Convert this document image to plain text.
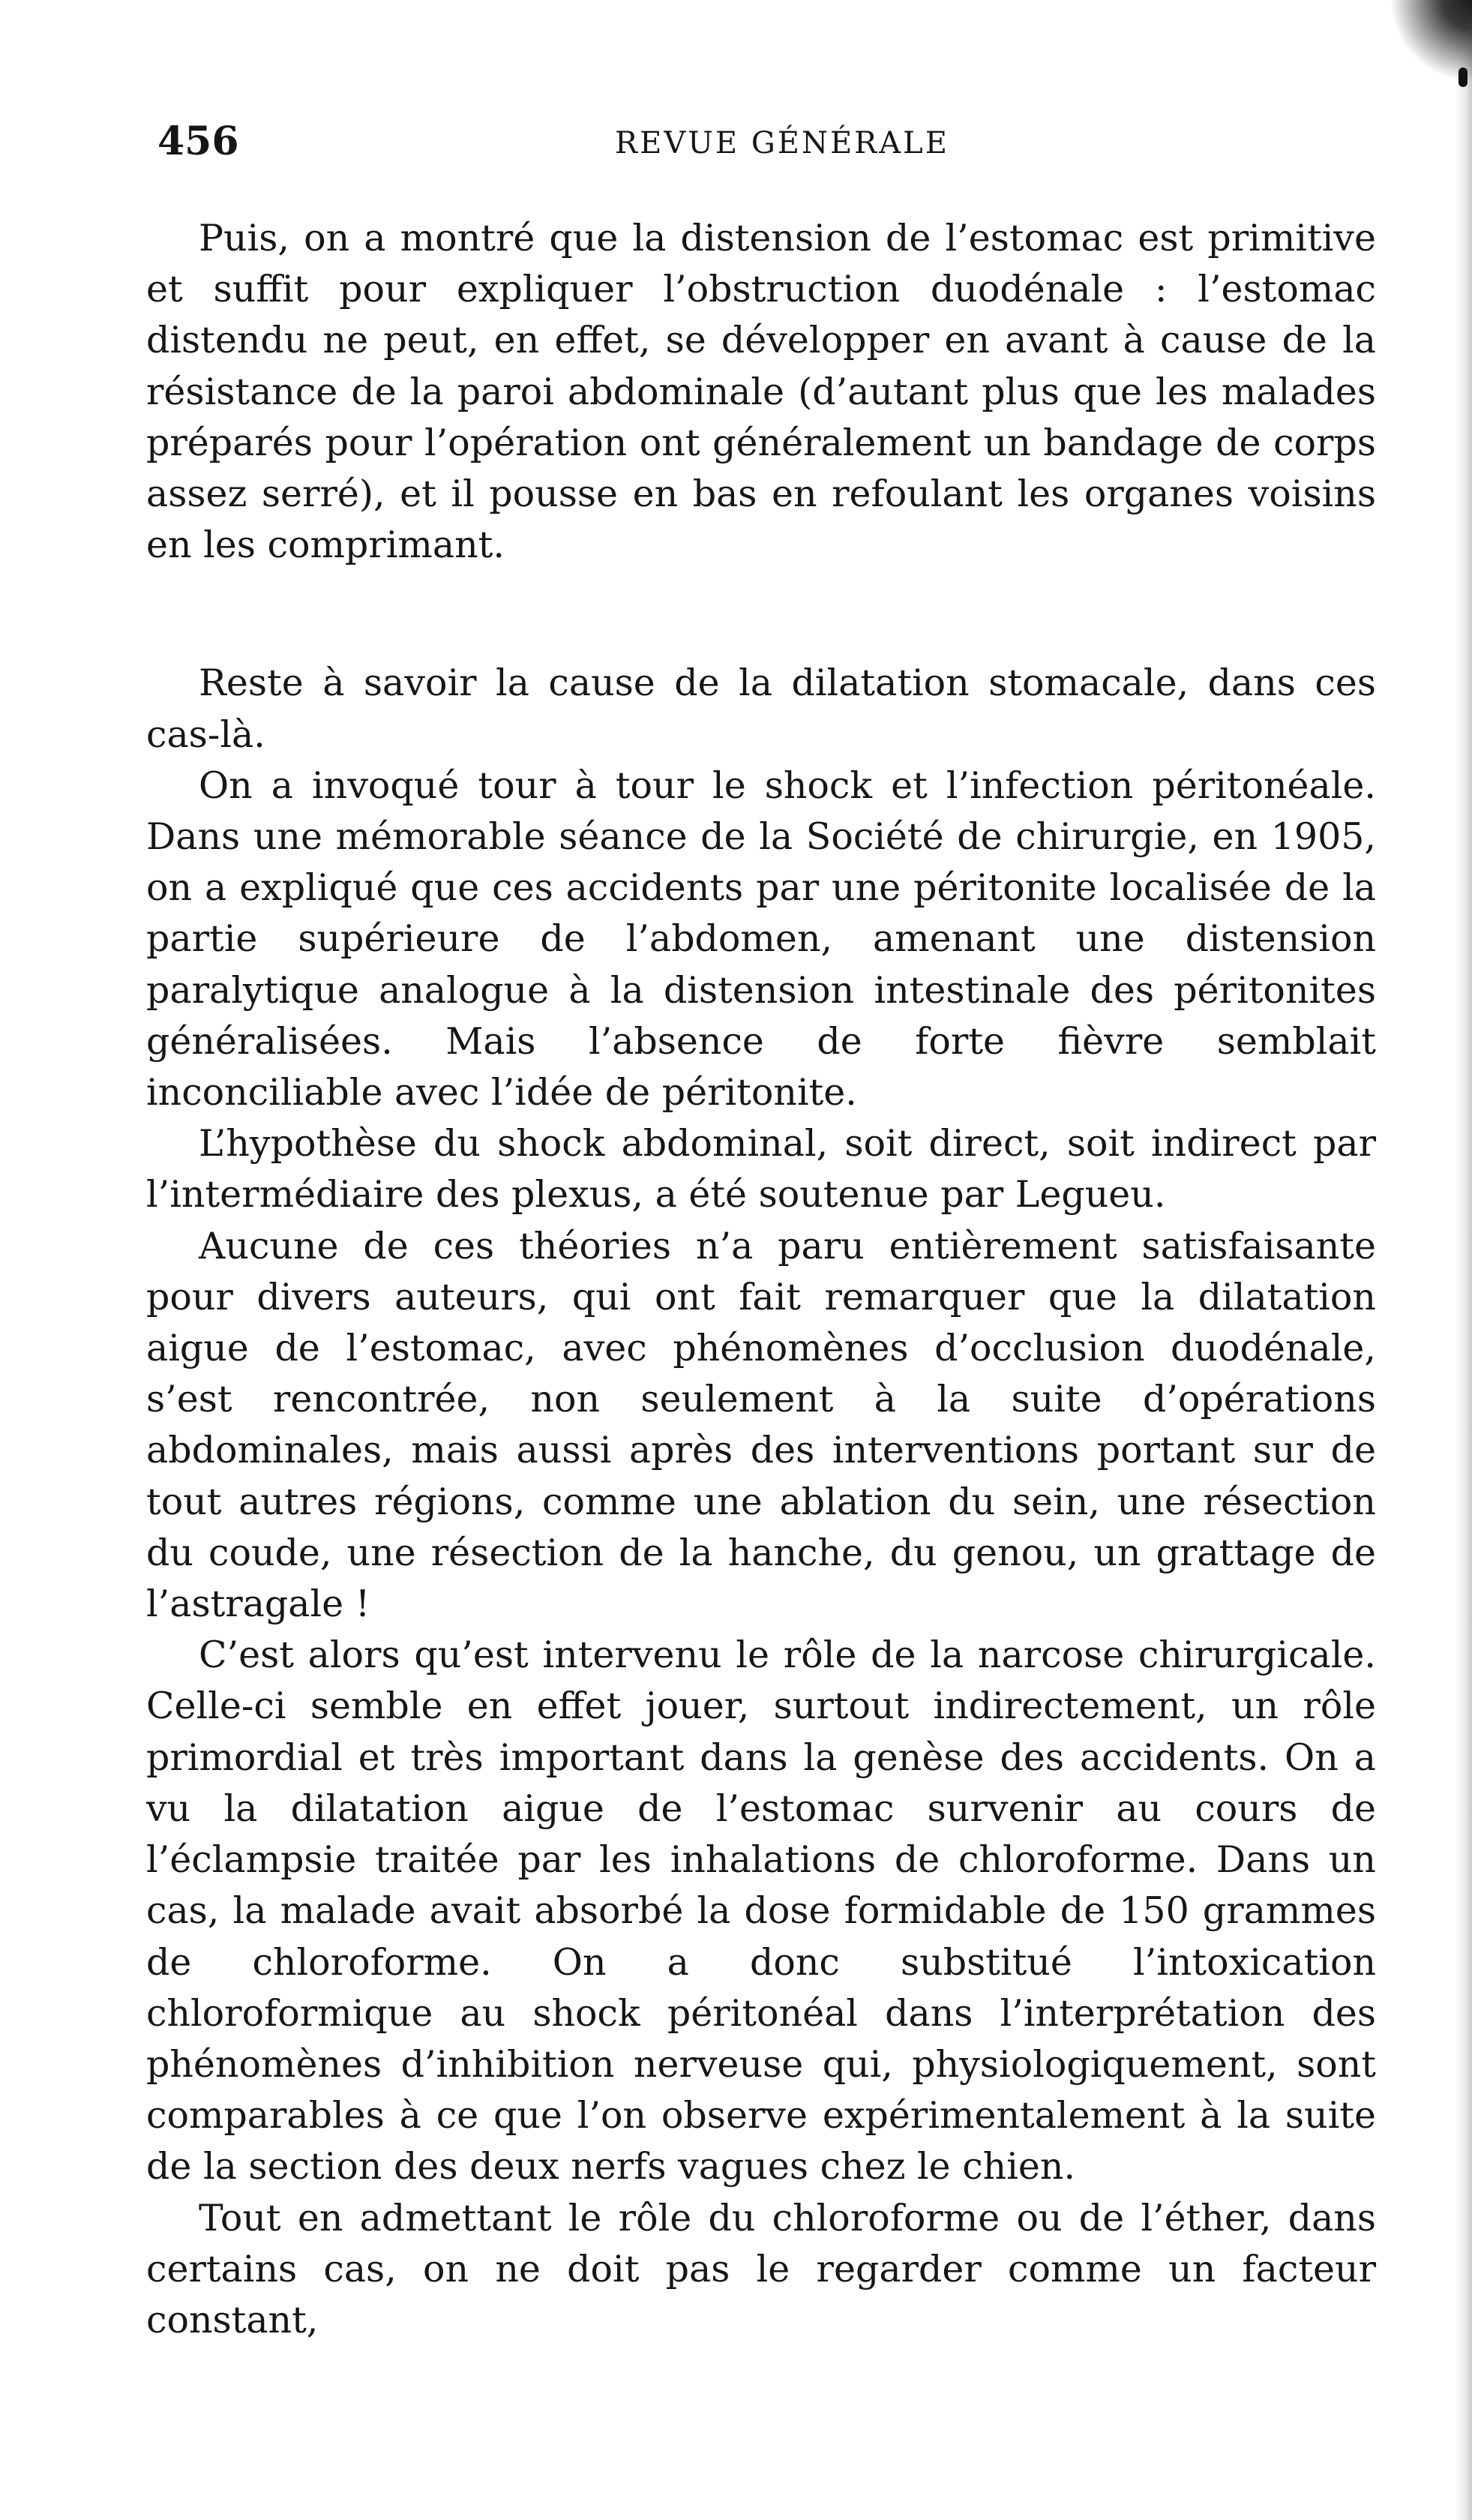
456	REVUE GÉNÉRALE

Puis, on a montré que la distension de l’estomac est primitive et suffit pour expliquer l’obstruction duodénale : l’estomac distendu ne peut, en effet, se développer en avant à cause de la résistance de la paroi abdominale (d’autant plus que les malades préparés pour l’opération ont généralement un bandage de corps assez serré), et il pousse en bas en refoulant les organes voisins en les comprimant.

Reste à savoir la cause de la dilatation stomacale, dans ces cas-là.

On a invoqué tour à tour le shock et l’infection péritonéale. Dans une mémorable séance de la Société de chirurgie, en 1905, on a expliqué que ces accidents par une péritonite localisée de la partie supérieure de l’abdomen, amenant une distension paralytique analogue à la distension intestinale des péritonites généralisées. Mais l’absence de forte fièvre semblait inconciliable avec l’idée de péritonite.

L’hypothèse du shock abdominal, soit direct, soit indirect par l’intermédiaire des plexus, a été soutenue par Legueu.

Aucune de ces théories n’a paru entièrement satisfaisante pour divers auteurs, qui ont fait remarquer que la dilatation aigue de l’estomac, avec phénomènes d’occlusion duodénale, s’est rencontrée, non seulement à la suite d’opérations abdominales, mais aussi après des interventions portant sur de tout autres régions, comme une ablation du sein, une résection du coude, une résection de la hanche, du genou, un grattage de l’astragale !

C’est alors qu’est intervenu le rôle de la narcose chirurgicale. Celle-ci semble en effet jouer, surtout indirectement, un rôle primordial et très important dans la genèse des accidents. On a vu la dilatation aigue de l’estomac survenir au cours de l’éclampsie traitée par les inhalations de chloroforme. Dans un cas, la malade avait absorbé la dose formidable de 150 grammes de chloroforme. On a donc substitué l’intoxication chloroformique au shock péritonéal dans l’interprétation des phénomènes d’inhibition nerveuse qui, physiologiquement, sont comparables à ce que l’on observe expérimentalement à la suite de la section des deux nerfs vagues chez le chien.

Tout en admettant le rôle du chloroforme ou de l’éther, dans certains cas, on ne doit pas le regarder comme un facteur constant,
